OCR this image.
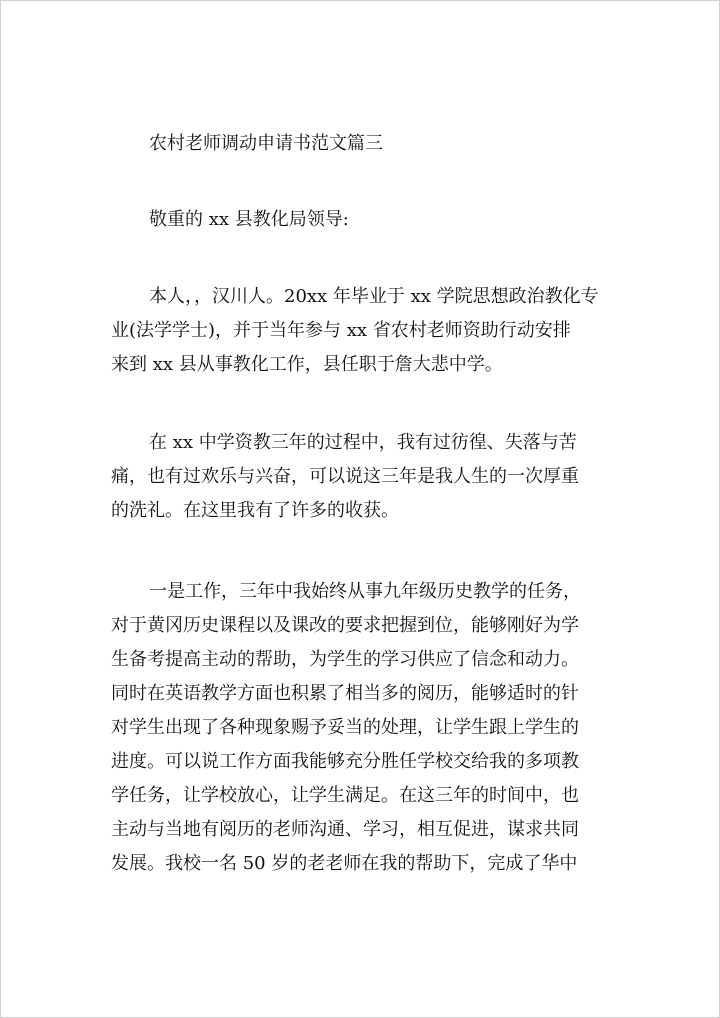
农村老师调动申请书范文篇三
敬重的 xx 县教化局领导:

本人，，汉川人。20xx 年毕业于 xx 学院思想政治教化专
业(法学学士)，并于当年参与 xx 省农村老师资助行动安排
来到 xx 县从事教化工作，县任职于詹大悲中学。

在 xx 中学资教三年的过程中，我有过彷徨、失落与苦
痛，也有过欢乐与兴奋，可以说这三年是我人生的一次厚重
的洗礼。在这里我有了许多的收获。

一是工作，三年中我始终从事九年级历史教学的任务，
对于黄冈历史课程以及课改的要求把握到位，能够刚好为学
生备考提高主动的帮助，为学生的学习供应了信念和动力。
同时在英语教学方面也积累了相当多的阅历，能够适时的针
对学生出现了各种现象赐予妥当的处理，让学生跟上学生的
进度。可以说工作方面我能够充分胜任学校交给我的多项教
学任务，让学校放心，让学生满足。在这三年的时间中，也
主动与当地有阅历的老师沟通、学习，相互促进，谋求共同
发展。我校一名 50 岁的老老师在我的帮助下，完成了华中
